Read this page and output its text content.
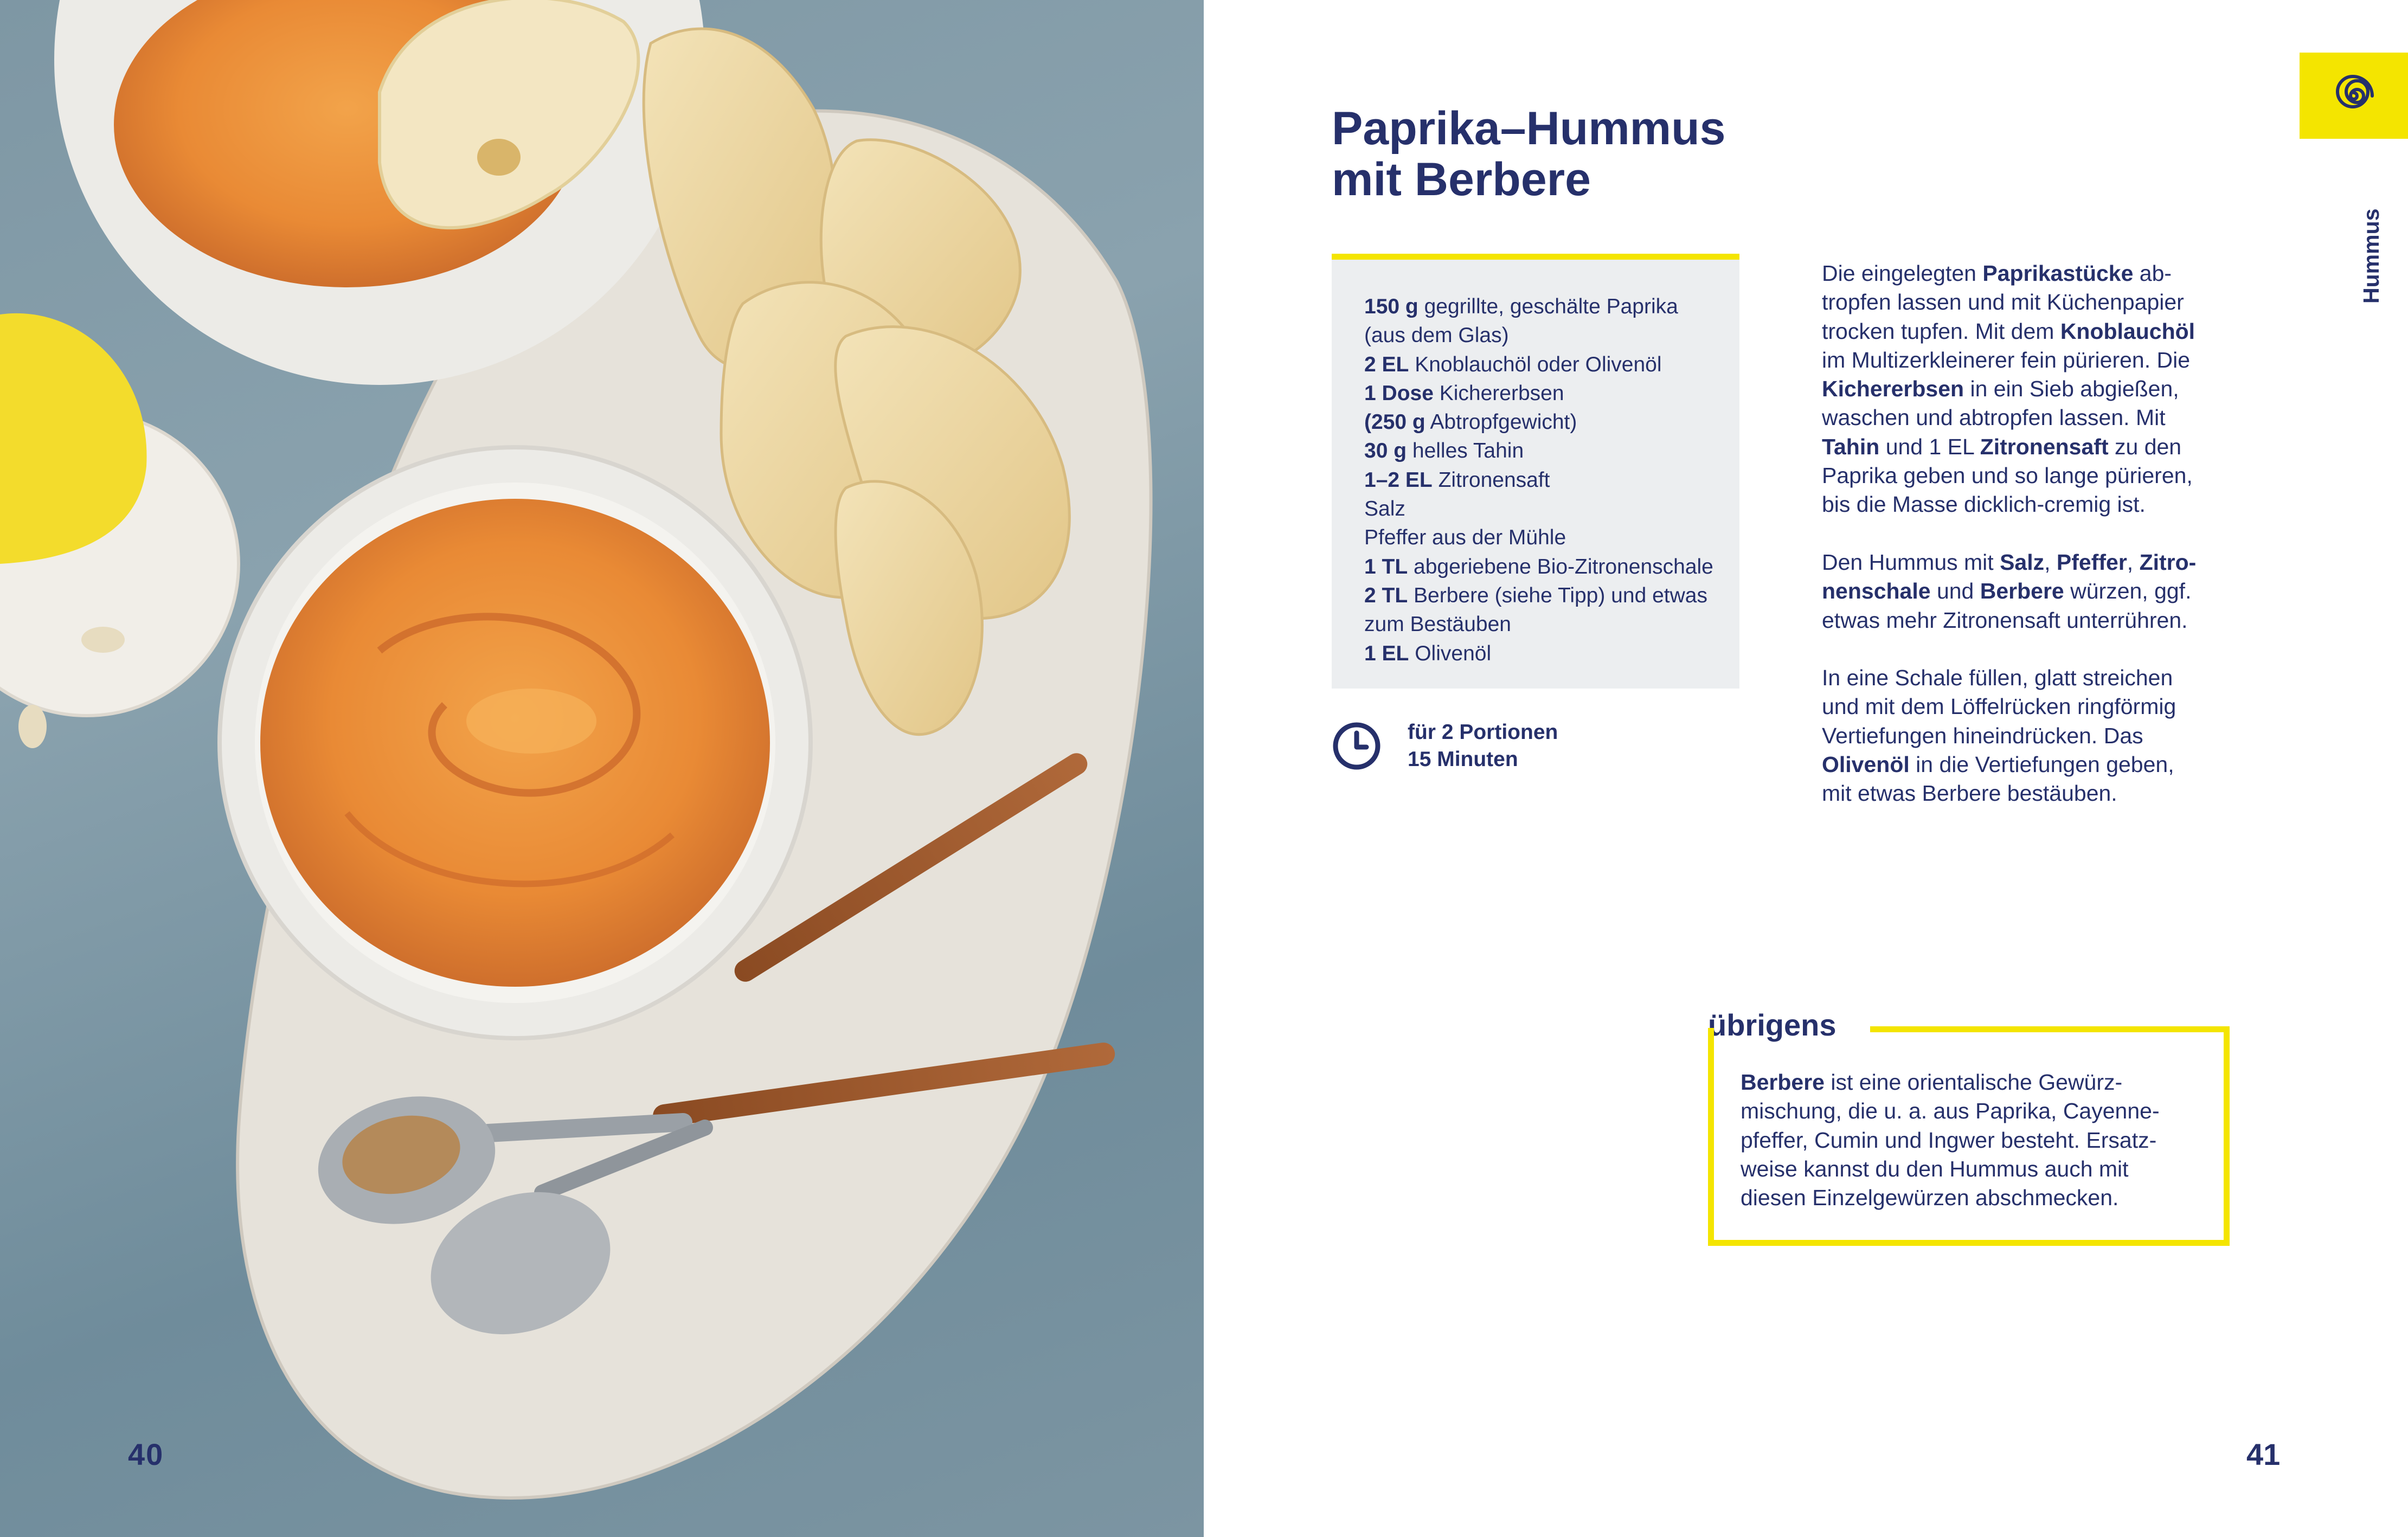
40
Paprika–Hummus
mit Berbere
150 g gegrillte, geschälte Paprika
(aus dem Glas)
2 EL Knoblauchöl oder Olivenöl
1 Dose Kichererbsen
(250 g Abtropfgewicht)
30 g helles Tahin
1–2 EL Zitronensaft
Salz
Pfeffer aus der Mühle
1 TL abgeriebene Bio-Zitronenschale
2 TL Berbere (siehe Tipp) und etwas
zum Bestäuben
1 EL Olivenöl
für 2 Portionen
15 Minuten

Die eingelegten Paprikastücke ab-
tropfen lassen und mit Küchenpapier
trocken tupfen. Mit dem Knoblauchöl
im Multizerkleinerer fein pürieren. Die
Kichererbsen in ein Sieb abgießen,
waschen und abtropfen lassen. Mit
Tahin und 1 EL Zitronensaft zu den
Paprika geben und so lange pürieren,
bis die Masse dicklich-cremig ist.

Den Hummus mit Salz, Pfeffer, Zitro-
nenschale und Berbere würzen, ggf.
etwas mehr Zitronensaft unterrühren.

In eine Schale füllen, glatt streichen
und mit dem Löffelrücken ringförmig
Vertiefungen hineindrücken. Das
Olivenöl in die Vertiefungen geben,
mit etwas Berbere bestäuben.

Hummus
übrigens
Berbere ist eine orientalische Gewürz-
mischung, die u. a. aus Paprika, Cayenne-
pfeffer, Cumin und Ingwer besteht. Ersatz-
weise kannst du den Hummus auch mit
diesen Einzelgewürzen abschmecken.
41
